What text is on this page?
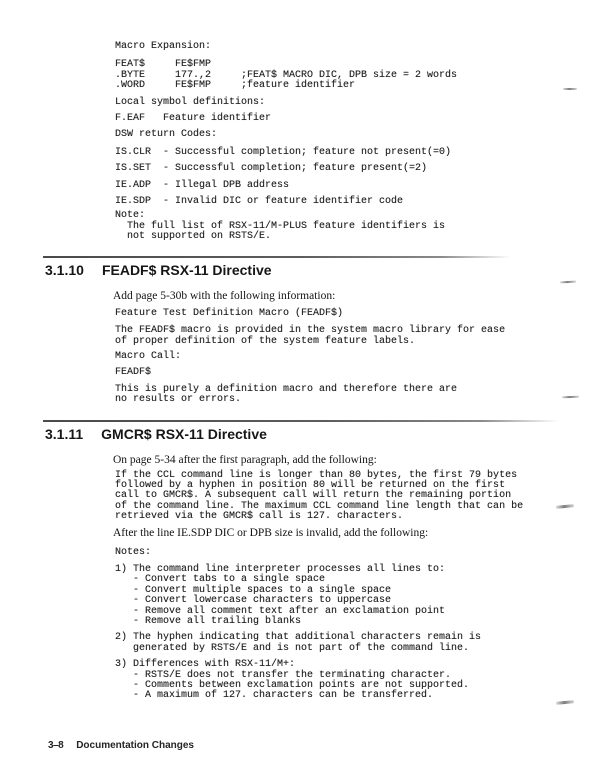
Macro Expansion:
FEAT$     FE$FMP
.BYTE     177.,2     ;FEAT$ MACRO DIC, DPB size = 2 words
.WORD     FE$FMP     ;feature identifier
Local symbol definitions:
F.EAF   Feature identifier
DSW return Codes:
IS.CLR  - Successful completion; feature not present(=0)
IS.SET  - Successful completion; feature present(=2)
IE.ADP  - Illegal DPB address
IE.SDP  - Invalid DIC or feature identifier code
Note:
The full list of RSX-11/M-PLUS feature identifiers is
not supported on RSTS/E.
3.1.10 FEADF$ RSX-11 Directive
Add page 5-30b with the following information:
Feature Test Definition Macro (FEADF$)
The FEADF$ macro is provided in the system macro library for ease
of proper definition of the system feature labels.
Macro Call:
FEADF$
This is purely a definition macro and therefore there are
no results or errors.
3.1.11 GMCR$ RSX-11 Directive
On page 5-34 after the first paragraph, add the following:
If the CCL command line is longer than 80 bytes, the first 79 bytes
followed by a hyphen in position 80 will be returned on the first
call to GMCR$. A subsequent call will return the remaining portion
of the command line. The maximum CCL command line length that can be
retrieved via the GMCR$ call is 127. characters.
After the line IE.SDP DIC or DPB size is invalid, add the following:
Notes:
1) The command line interpreter processes all lines to:
- Convert tabs to a single space
- Convert multiple spaces to a single space
- Convert lowercase characters to uppercase
- Remove all comment text after an exclamation point
- Remove all trailing blanks
2) The hyphen indicating that additional characters remain is
generated by RSTS/E and is not part of the command line.
3) Differences with RSX-11/M+:
- RSTS/E does not transfer the terminating character.
- Comments between exclamation points are not supported.
- A maximum of 127. characters can be transferred.
3–8 Documentation Changes
